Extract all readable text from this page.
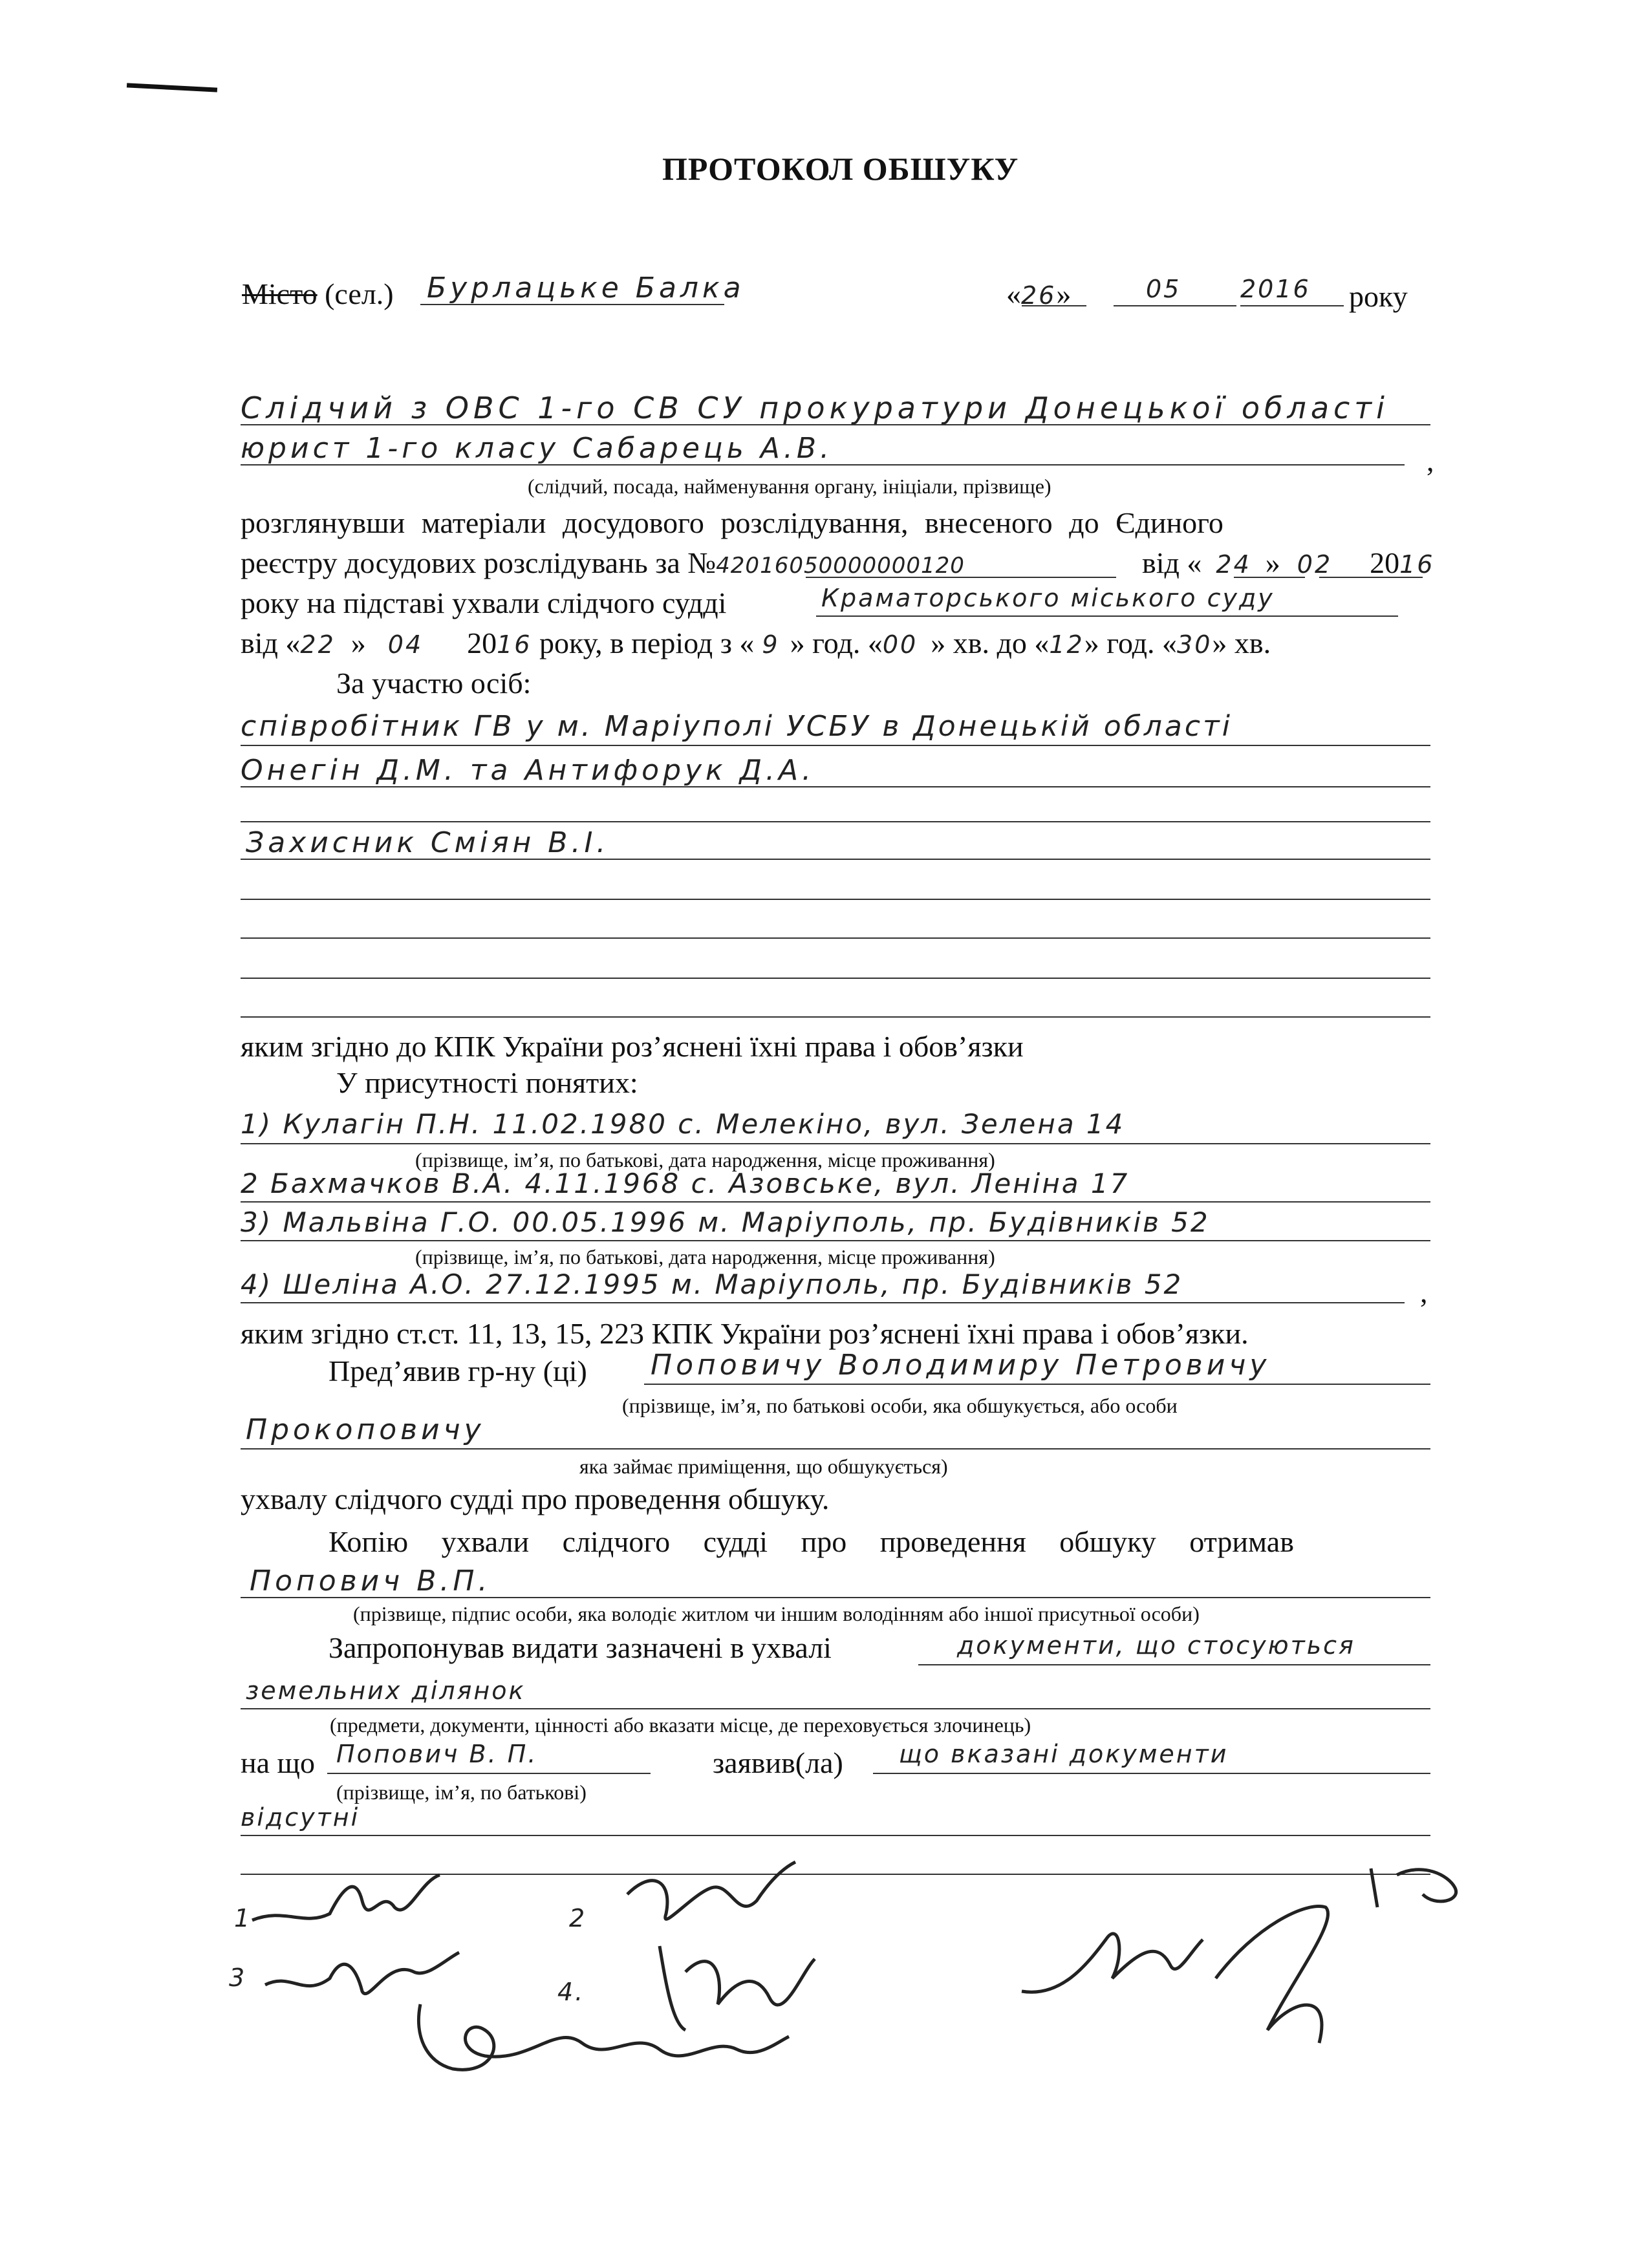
ПРОТОКОЛ ОБШУКУ
Місто (сел.) Бурлацьке Балка	«26»	05 2016 року
Слідчий з ОВС 1-го СВ СУ прокуратури Донецької області
юрист 1-го класу Сабарець А.В.	,
(слідчий, посада, найменування органу, ініціали, прізвище)
розглянувши матеріали досудового розслідування, внесеного до Єдиного
реєстру досудових розслідувань за №42016050000000120	від « 24 » 02 2016
року на підставі ухвали слідчого судді	Краматорського міського суду
від «22 » 04 2016 року, в період з « 9 » год. «00 » хв. до «12» год. «30» хв.
За участю осіб:
співробітник ГВ у м. Маріуполі УСБУ в Донецькій області
Онегін Д.М. та Антифорук Д.А.
Захисник Сміян В.І.
яким згідно до КПК України роз’яснені їхні права і обов’язки
У присутності понятих:
1) Кулагін П.Н. 11.02.1980 с. Мелекіно, вул. Зелена 14
(прізвище, ім’я, по батькові, дата народження, місце проживання)
2 Бахмачков В.А. 4.11.1968 с. Азовське, вул. Леніна 17
3) Мальвіна Г.О. 00.05.1996 м. Маріуполь, пр. Будівників 52
(прізвище, ім’я, по батькові, дата народження, місце проживання)
4) Шеліна А.О. 27.12.1995 м. Маріуполь, пр. Будівників 52	,
яким згідно ст.ст. 11, 13, 15, 223 КПК України роз’яснені їхні права і обов’язки.
Пред’явив гр-ну (ці) Поповичу Володимиру Петровичу
(прізвище, ім’я, по батькові особи, яка обшукується, або особи
Прокоповичу
яка займає приміщення, що обшукується)
ухвалу слідчого судді про проведення обшуку.
Копію ухвали слідчого судді про проведення обшуку отримав
Попович В.П.
(прізвище, підпис особи, яка володіє житлом чи іншим володінням або іншої присутньої особи)
Запропонував видати зазначені в ухвалі	документи, що стосуються
земельних ділянок
(предмети, документи, цінності або вказати місце, де переховується злочинець)
на що Попович В. П.	заявив(ла) що вказані документи
(прізвище, ім’я, по батькові)
відсутні
1	2
3	4.
